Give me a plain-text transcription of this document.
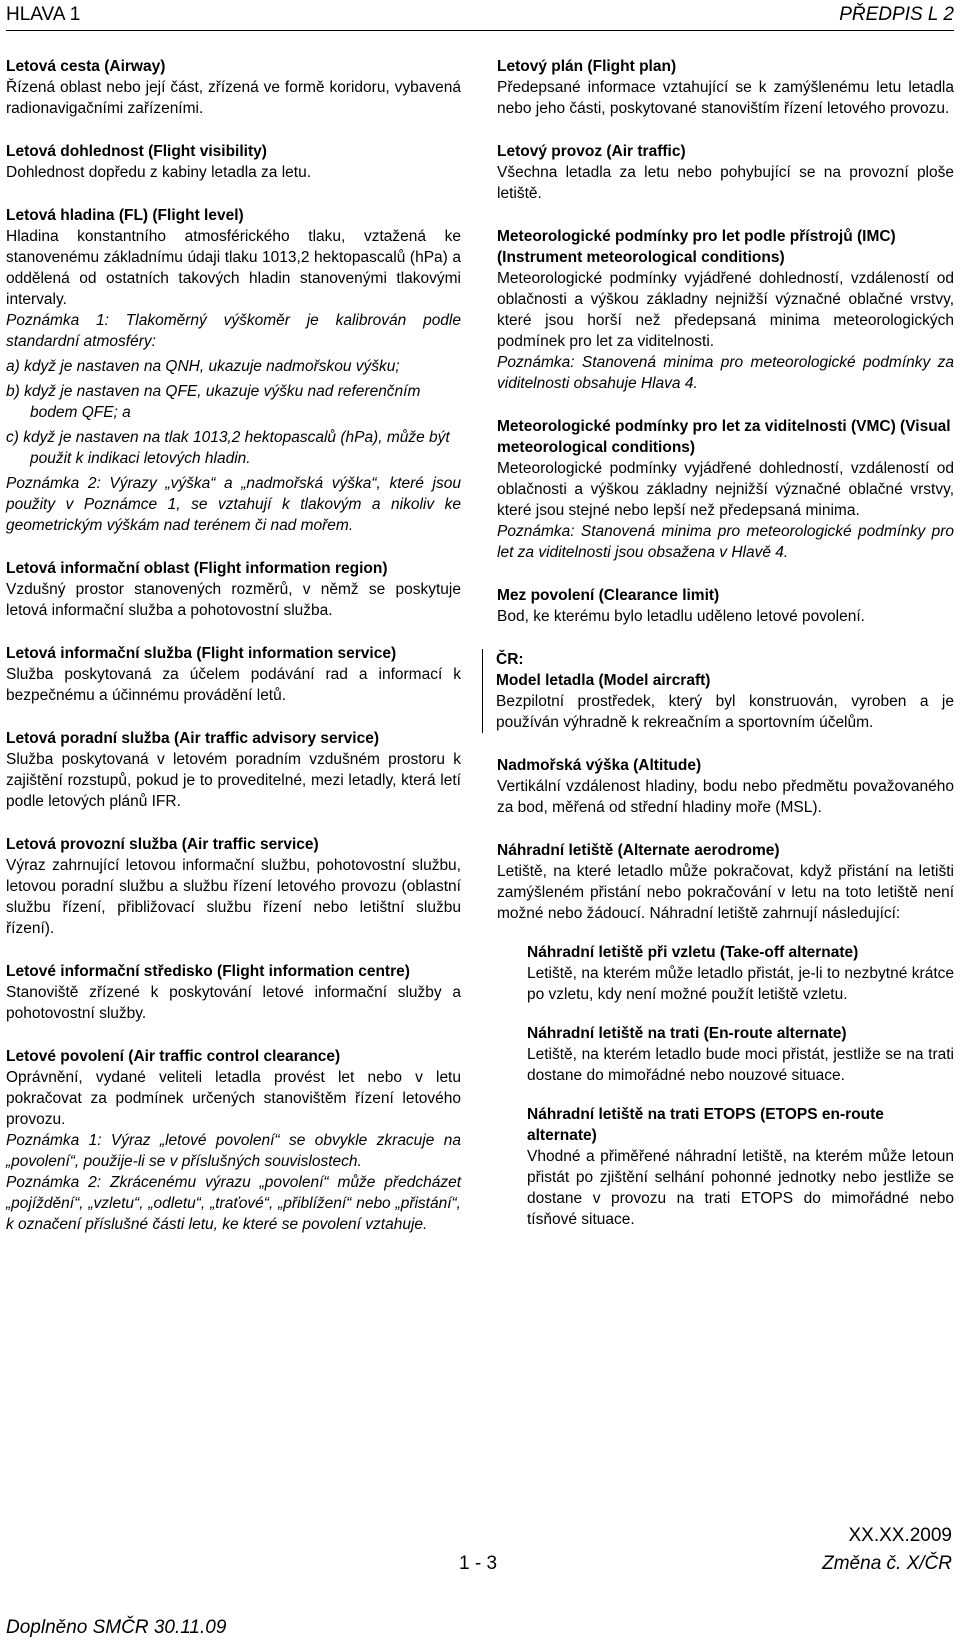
HLAVA 1	PŘEDPIS L 2
Letová cesta (Airway)

Řízená oblast nebo její část, zřízená ve formě koridoru, vybavená radionavigačními zařízeními.

Letová dohlednost (Flight visibility)

Dohlednost dopředu z kabiny letadla za letu.

Letová hladina (FL) (Flight level)

Hladina konstantního atmosférického tlaku, vztažená ke stanovenému základnímu údaji tlaku 1013,2 hektopascalů (hPa) a oddělená od ostatních takových hladin stanovenými tlakovými intervaly.

Poznámka 1: Tlakoměrný výškoměr je kalibrován podle standardní atmosféry:

a) když je nastaven na QNH, ukazuje nadmořskou výšku;
b) když je nastaven na QFE, ukazuje výšku nad referenčním bodem QFE; a
c) když je nastaven na tlak 1013,2 hektopascalů (hPa), může být použit k indikaci letových hladin.

Poznámka 2: Výrazy „výška“ a „nadmořská výška“, které jsou použity v Poznámce 1, se vztahují k tlakovým a nikoliv ke geometrickým výškám nad terénem či nad mořem.

Letová informační oblast (Flight information region)

Vzdušný prostor stanovených rozměrů, v němž se poskytuje letová informační služba a pohotovostní služba.

Letová informační služba (Flight information service)

Služba poskytovaná za účelem podávání rad a informací k bezpečnému a účinnému provádění letů.

Letová poradní služba (Air traffic advisory service)

Služba poskytovaná v letovém poradním vzdušném prostoru k zajištění rozstupů, pokud je to proveditelné, mezi letadly, která letí podle letových plánů IFR.

Letová provozní služba (Air traffic service)

Výraz zahrnující letovou informační službu, pohotovostní službu, letovou poradní službu a službu řízení letového provozu (oblastní službu řízení, přibližovací službu řízení nebo letištní službu řízení).

Letové informační středisko (Flight information centre)

Stanoviště zřízené k poskytování letové informační služby a pohotovostní služby.

Letové povolení (Air traffic control clearance)

Oprávnění, vydané veliteli letadla provést let nebo v letu pokračovat za podmínek určených stanovištěm řízení letového provozu.

Poznámka 1: Výraz „letové povolení“ se obvykle zkracuje na „povolení“, použije-li se v příslušných souvislostech.

Poznámka 2: Zkrácenému výrazu „povolení“ může předcházet „pojíždění“, „vzletu“, „odletu“, „traťové“, „přiblížení“ nebo „přistání“, k označení příslušné části letu, ke které se povolení vztahuje.

Letový plán (Flight plan)

Předepsané informace vztahující se k zamýšlenému letu letadla nebo jeho části, poskytované stanovištím řízení letového provozu.

Letový provoz (Air traffic)

Všechna letadla za letu nebo pohybující se na provozní ploše letiště.

Meteorologické podmínky pro let podle přístrojů (IMC) (Instrument meteorological conditions)

Meteorologické podmínky vyjádřené dohledností, vzdáleností od oblačnosti a výškou základny nejnižší význačné oblačné vrstvy, které jsou horší než předepsaná minima meteorologických podmínek pro let za viditelnosti.

Poznámka: Stanovená minima pro meteorologické podmínky za viditelnosti obsahuje Hlava 4.

Meteorologické podmínky pro let za viditelnosti (VMC) (Visual meteorological conditions)

Meteorologické podmínky vyjádřené dohledností, vzdáleností od oblačnosti a výškou základny nejnižší význačné oblačné vrstvy, které jsou stejné nebo lepší než předepsaná minima.

Poznámka: Stanovená minima pro meteorologické podmínky pro let za viditelnosti jsou obsažena v Hlavě 4.

Mez povolení (Clearance limit)

Bod, ke kterému bylo letadlu uděleno letové povolení.

ČR:
Model letadla (Model aircraft)

Bezpilotní prostředek, který byl konstruován, vyroben a je používán výhradně k rekreačním a sportovním účelům.

Nadmořská výška (Altitude)

Vertikální vzdálenost hladiny, bodu nebo předmětu považovaného za bod, měřená od střední hladiny moře (MSL).

Náhradní letiště (Alternate aerodrome)

Letiště, na které letadlo může pokračovat, když přistání na letišti zamýšleném přistání nebo pokračování v letu na toto letiště není možné nebo žádoucí. Náhradní letiště zahrnují následující:

Náhradní letiště při vzletu (Take-off alternate)

Letiště, na kterém může letadlo přistát, je-li to nezbytné krátce po vzletu, kdy není možné použít letiště vzletu.

Náhradní letiště na trati (En-route alternate)

Letiště, na kterém letadlo bude moci přistát, jestliže se na trati dostane do mimořádné nebo nouzové situace.

Náhradní letiště na trati ETOPS (ETOPS en-route alternate)

Vhodné a přiměřené náhradní letiště, na kterém může letoun přistát po zjištění selhání pohonné jednotky nebo jestliže se dostane v provozu na trati ETOPS do mimořádné nebo tísňové situace.

XX.XX.2009
1 - 3	Změna č. X/ČR
Doplněno SMČR 30.11.09
